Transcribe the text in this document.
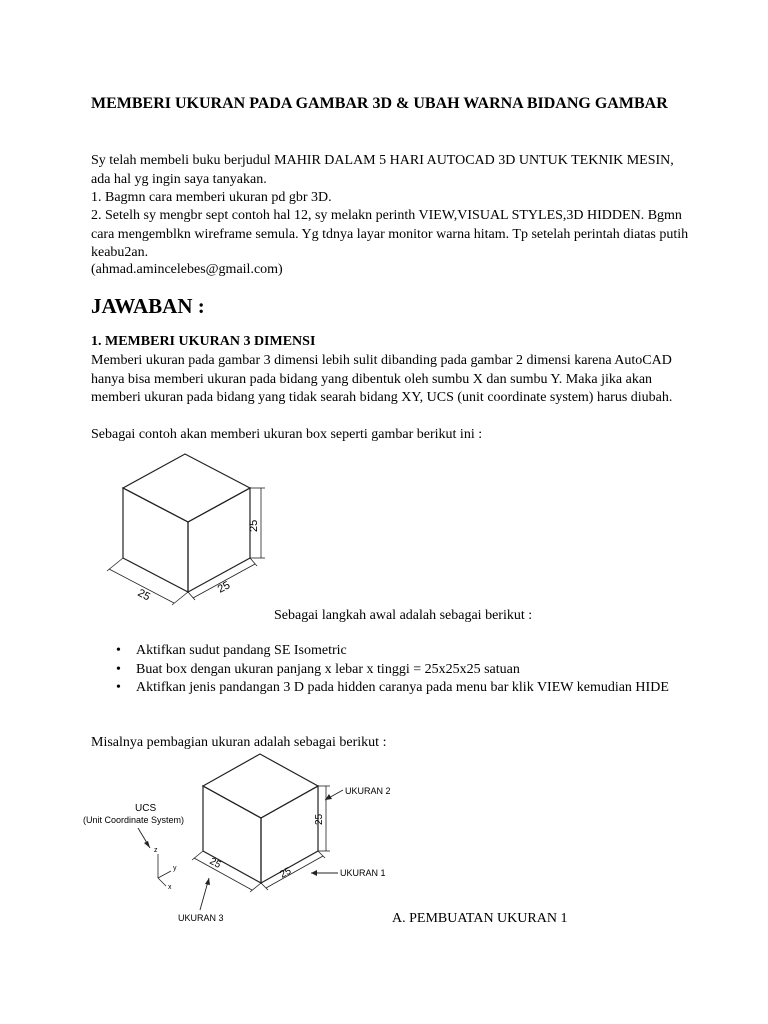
MEMBERI UKURAN PADA GAMBAR 3D & UBAH WARNA BIDANG GAMBAR
Sy telah membeli buku berjudul MAHIR DALAM 5 HARI AUTOCAD 3D UNTUK TEKNIK MESIN, ada hal yg ingin saya tanyakan.
1. Bagmn cara memberi ukuran pd gbr 3D.
2. Setelh sy mengbr sept contoh hal 12, sy melakn perinth VIEW,VISUAL STYLES,3D HIDDEN. Bgmn cara mengemblkn wireframe semula. Yg tdnya layar monitor warna hitam. Tp setelah perintah diatas putih keabu2an.
(ahmad.amincelebes@gmail.com)
JAWABAN :
1. MEMBERI UKURAN 3 DIMENSI
Memberi ukuran pada gambar 3 dimensi lebih sulit dibanding pada gambar 2 dimensi karena AutoCAD hanya bisa memberi ukuran pada bidang yang dibentuk oleh sumbu X dan sumbu Y. Maka jika akan memberi ukuran pada bidang yang tidak searah bidang XY, UCS (unit coordinate system) harus diubah.
Sebagai contoh akan memberi ukuran box seperti gambar berikut ini :
25	25
25
Sebagai langkah awal adalah sebagai berikut :
• Aktifkan sudut pandang SE Isometric
• Buat box dengan ukuran panjang x lebar x tinggi = 25x25x25 satuan
• Aktifkan jenis pandangan 3 D pada hidden caranya pada menu bar klik VIEW kemudian HIDE
Misalnya pembagian ukuran adalah sebagai berikut :
25
25
25
UCS
(Unit Coordinate System)
z
y
x
UKURAN 2
UKURAN 1
UKURAN 3	A. PEMBUATAN UKURAN 1
